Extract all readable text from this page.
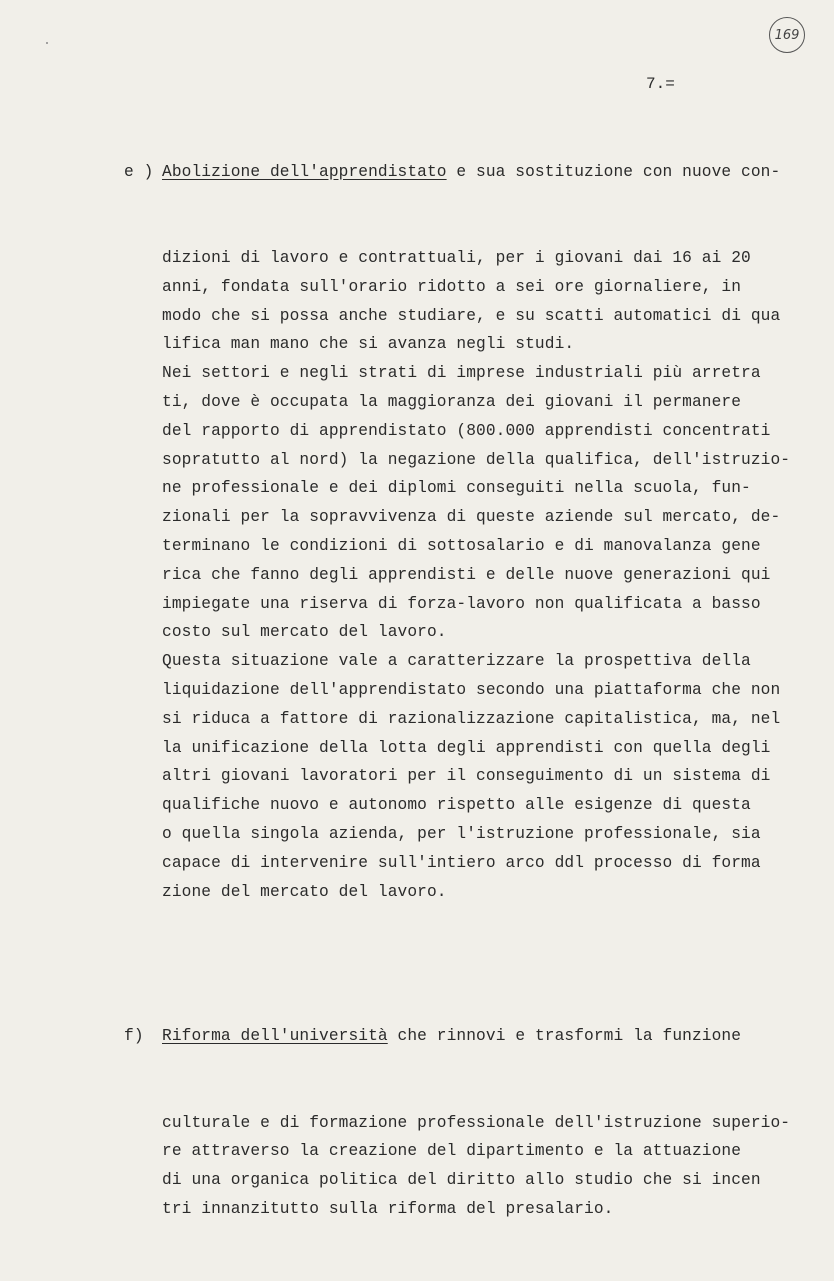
169
7.=

e ) Abolizione dell'apprendistato e sua sostituzione con nuove con-

dizioni di lavoro e contrattuali, per i giovani dai 16 ai 20
anni, fondata sull'orario ridotto a sei ore giornaliere, in
modo che si possa anche studiare, e su scatti automatici di qua
lifica man mano che si avanza negli studi.
Nei settori e negli strati di imprese industriali più arretra
ti, dove è occupata la maggioranza dei giovani il permanere
del rapporto di apprendistato (800.000 apprendisti concentrati
sopratutto al nord) la negazione della qualifica, dell'istruzio-
ne professionale e dei diplomi conseguiti nella scuola, fun-
zionali per la sopravvivenza di queste aziende sul mercato, de-
terminano le condizioni di sottosalario e di manovalanza gene
rica che fanno degli apprendisti e delle nuove generazioni qui
impiegate una riserva di forza-lavoro non qualificata a basso
costo sul mercato del lavoro.
Questa situazione vale a caratterizzare la prospettiva della
liquidazione dell'apprendistato secondo una piattaforma che non
si riduca a fattore di razionalizzazione capitalistica, ma, nel
la unificazione della lotta degli apprendisti con quella degli
altri giovani lavoratori per il conseguimento di un sistema di
qualifiche nuovo e autonomo rispetto alle esigenze di questa
o quella singola azienda, per l'istruzione professionale, sia
capace di intervenire sull'intiero arco ddl processo di forma
zione del mercato del lavoro.

f) Riforma dell'università che rinnovi e trasformi la funzione

culturale e di formazione professionale dell'istruzione superio-
re attraverso la creazione del dipartimento e la attuazione
di una organica politica del diritto allo studio che si incen
tri innanzitutto sulla riforma del presalario.
